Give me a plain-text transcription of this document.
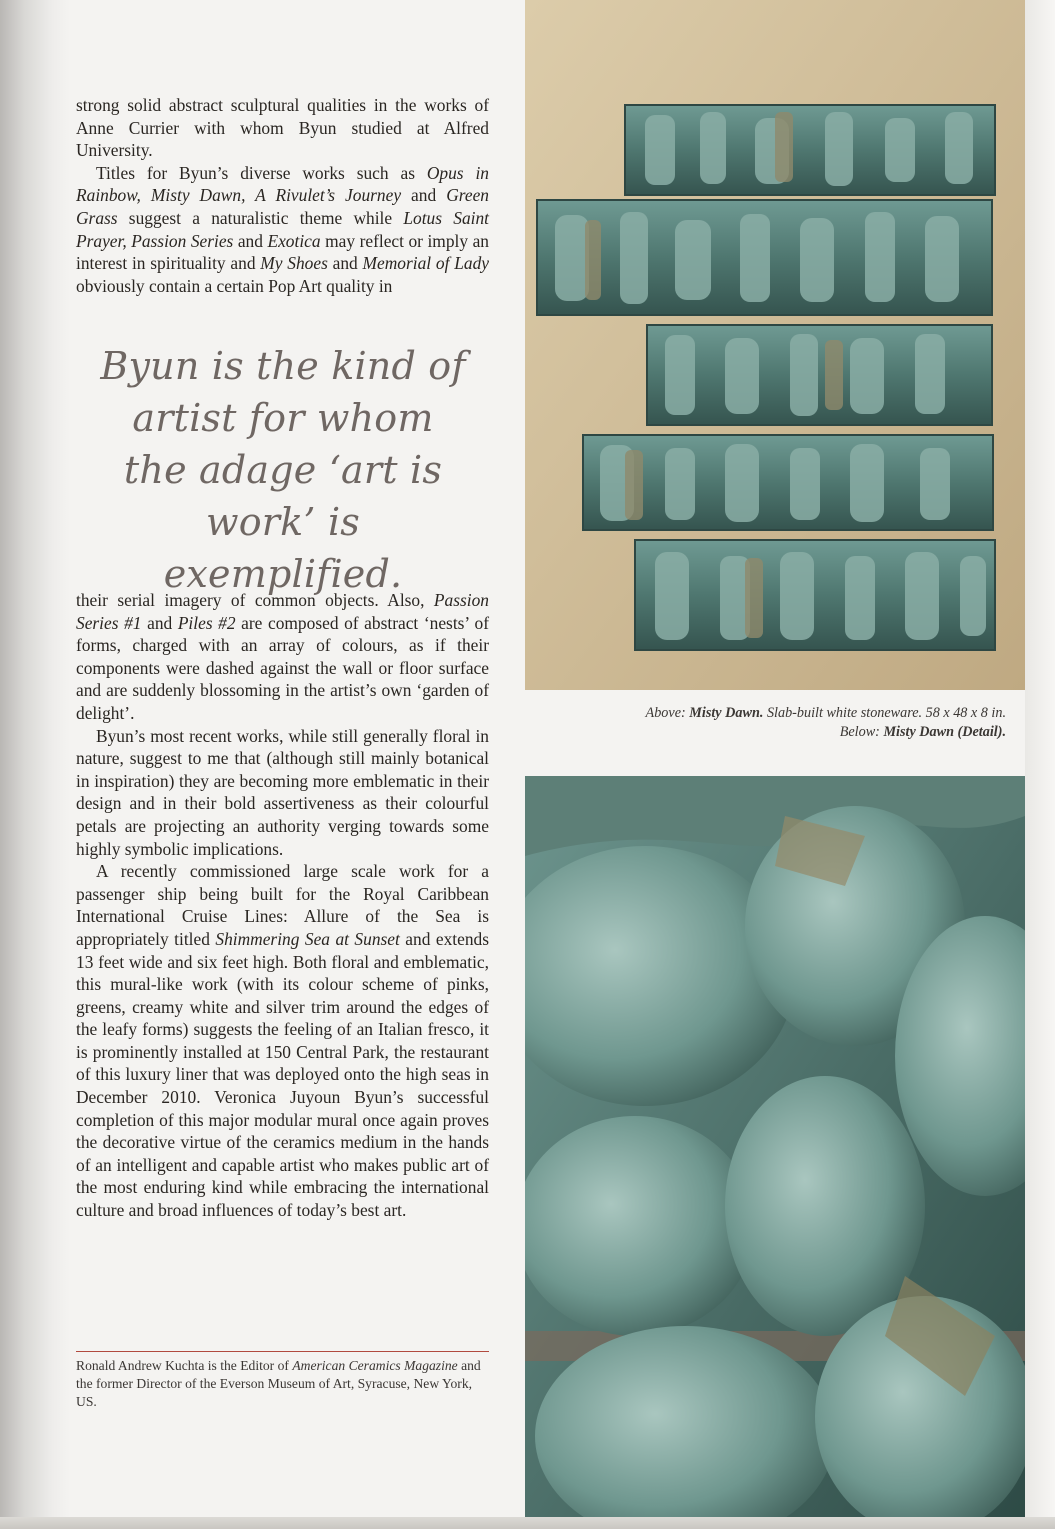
strong solid abstract sculptural qualities in the works of Anne Currier with whom Byun studied at Alfred University.

Titles for Byun’s diverse works such as Opus in Rainbow, Misty Dawn, A Rivulet’s Journey and Green Grass suggest a naturalistic theme while Lotus Saint Prayer, Passion Series and Exotica may reflect or imply an interest in spirituality and My Shoes and Memorial of Lady obviously contain a certain Pop Art quality in

Byun is the kind of artist for whom the adage ‘art is work’ is exemplified.

their serial imagery of common objects. Also, Passion Series #1 and Piles #2 are composed of abstract ‘nests’ of forms, charged with an array of colours, as if their components were dashed against the wall or floor surface and are suddenly blossoming in the artist’s own ‘garden of delight’.

Byun’s most recent works, while still generally floral in nature, suggest to me that (although still mainly botanical in inspiration) they are becoming more emblematic in their design and in their bold assertiveness as their colourful petals are projecting an authority verging towards some highly symbolic implications.

A recently commissioned large scale work for a passenger ship being built for the Royal Caribbean International Cruise Lines: Allure of the Sea is appropriately titled Shimmering Sea at Sunset and extends 13 feet wide and six feet high. Both floral and emblematic, this mural-like work (with its colour scheme of pinks, greens, creamy white and silver trim around the edges of the leafy forms) suggests the feeling of an Italian fresco, it is prominently installed at 150 Central Park, the restaurant of this luxury liner that was deployed onto the high seas in December 2010. Veronica Juyoun Byun’s successful completion of this major modular mural once again proves the decorative virtue of the ceramics medium in the hands of an intelligent and capable artist who makes public art of the most enduring kind while embracing the international culture and broad influences of today’s best art.

Ronald Andrew Kuchta is the Editor of American Ceramics Magazine and the former Director of the Everson Museum of Art, Syracuse, New York, US.
Above: Misty Dawn. Slab-built white stoneware. 58 x 48 x 8 in.
Below: Misty Dawn (Detail).
